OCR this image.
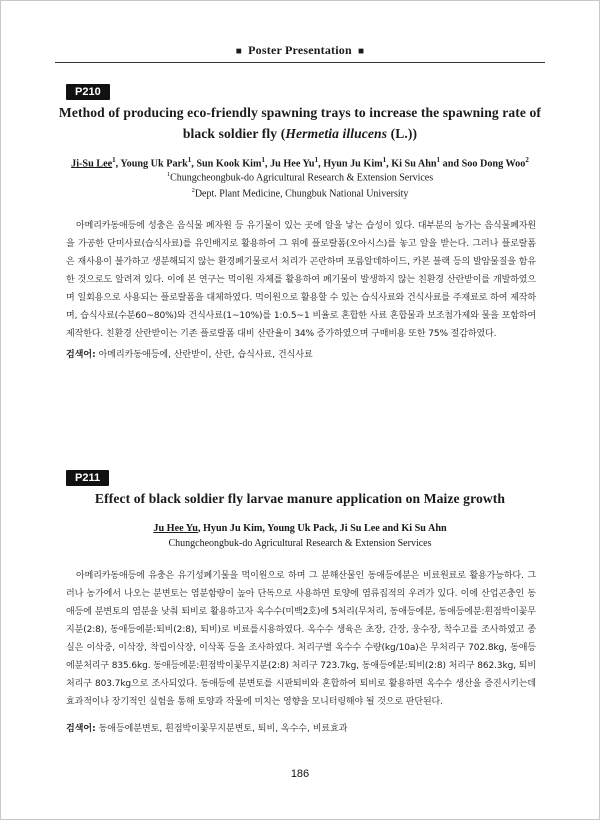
■ Poster Presentation ■
P210
Method of producing eco-friendly spawning trays to increase the spawning rate of black soldier fly (Hermetia illucens (L.))
Ji-Su Lee$^1$, Young Uk Park$^1$, Sun Kook Kim$^1$, Ju Hee Yu$^1$, Hyun Ju Kim$^1$, Ki Su Ahn$^1$ and Soo Dong Woo$^2$
$^1$Chungcheongbuk-do Agricultural Research & Extension Services
$^2$Dept. Plant Medicine, Chungbuk National University

아메리카동애등에 성충은 음식물 폐자원 등 유기물이 있는 곳에 알을 낳는 습성이 있다. 대부분의 농가는 음식물폐자원을 가공한 단미사료(습식사료)를 유인배지로 활용하여 그 위에 플로랄폼(오아시스)를 놓고 알을 받는다. 그러나 플로랄폼은 재사용이 불가하고 생분해되지 않는 환경폐기물로서 처리가 곤란하며 포름알데하이드, 카본 블랙 등의 발암물질을 함유한 것으로도 알려져 있다. 이에 본 연구는 먹이원 자체를 활용하여 폐기물이 발생하지 않는 친환경 산란받이를 개발하였으며 일회용으로 사용되는 플로랄폼을 대체하였다. 먹이원으로 활용할 수 있는 습식사료와 건식사료를 주재료로 하여 제작하며, 습식사료(수분60~80%)와 건식사료(1~10%)를 1:0.5~1 비율로 혼합한 사료 혼합물과 보조첨가제와 물을 포함하여 제작한다. 친환경 산란받이는 기존 플로랄폼 대비 산란율이 34% 증가하였으며 구매비용 또한 75% 절감하였다.

검색어: 아메리카동애등에, 산란받이, 산란, 습식사료, 건식사료
P211
Effect of black soldier fly larvae manure application on Maize growth
Ju Hee Yu, Hyun Ju Kim, Young Uk Pack, Ji Su Lee and Ki Su Ahn
Chungcheongbuk-do Agricultural Research & Extension Services

아메리카동애등에 유충은 유기성폐기물을 먹이원으로 하며 그 분해산물인 동애등에분은 비료원료로 활용가능하다. 그러나 농가에서 나오는 분변토는 염분함량이 높아 단독으로 사용하면 토양에 염류집적의 우려가 있다. 이에 산업곤충인 동애등에 분변토의 염분을 낮춰 퇴비로 활용하고자 옥수수(미백2호)에 5처리(무처리, 동애등에분, 동애등에분:흰점박이꽃무지분(2:8), 동애등에분:퇴비(2:8), 퇴비)로 비료를시용하였다. 옥수수 생육은 초장, 간장, 웅수장, 착수고를 조사하였고 종실은 이삭중, 이삭장, 착립이삭장, 이삭폭 등을 조사하였다. 처리구별 옥수수 수량(kg/10a)은 무처리구 702.8kg, 동애등에분처리구 835.6kg. 동애등에분:흰점박이꽃무지분(2:8) 처리구 723.7kg, 동애등에분:퇴비(2:8) 처리구 862.3kg, 퇴비 처리구 803.7kg으로 조사되었다. 동애등에 분변토를 시판퇴비와 혼합하여 퇴비로 활용하면 옥수수 생산을 증진시키는데 효과적이나 장기적인 실험을 통해 토양과 작물에 미치는 영향을 모니터링해야 될 것으로 판단된다.

검색어: 동애등에분변토, 흰점박이꽃무지분변토, 퇴비, 옥수수, 비료효과
186
